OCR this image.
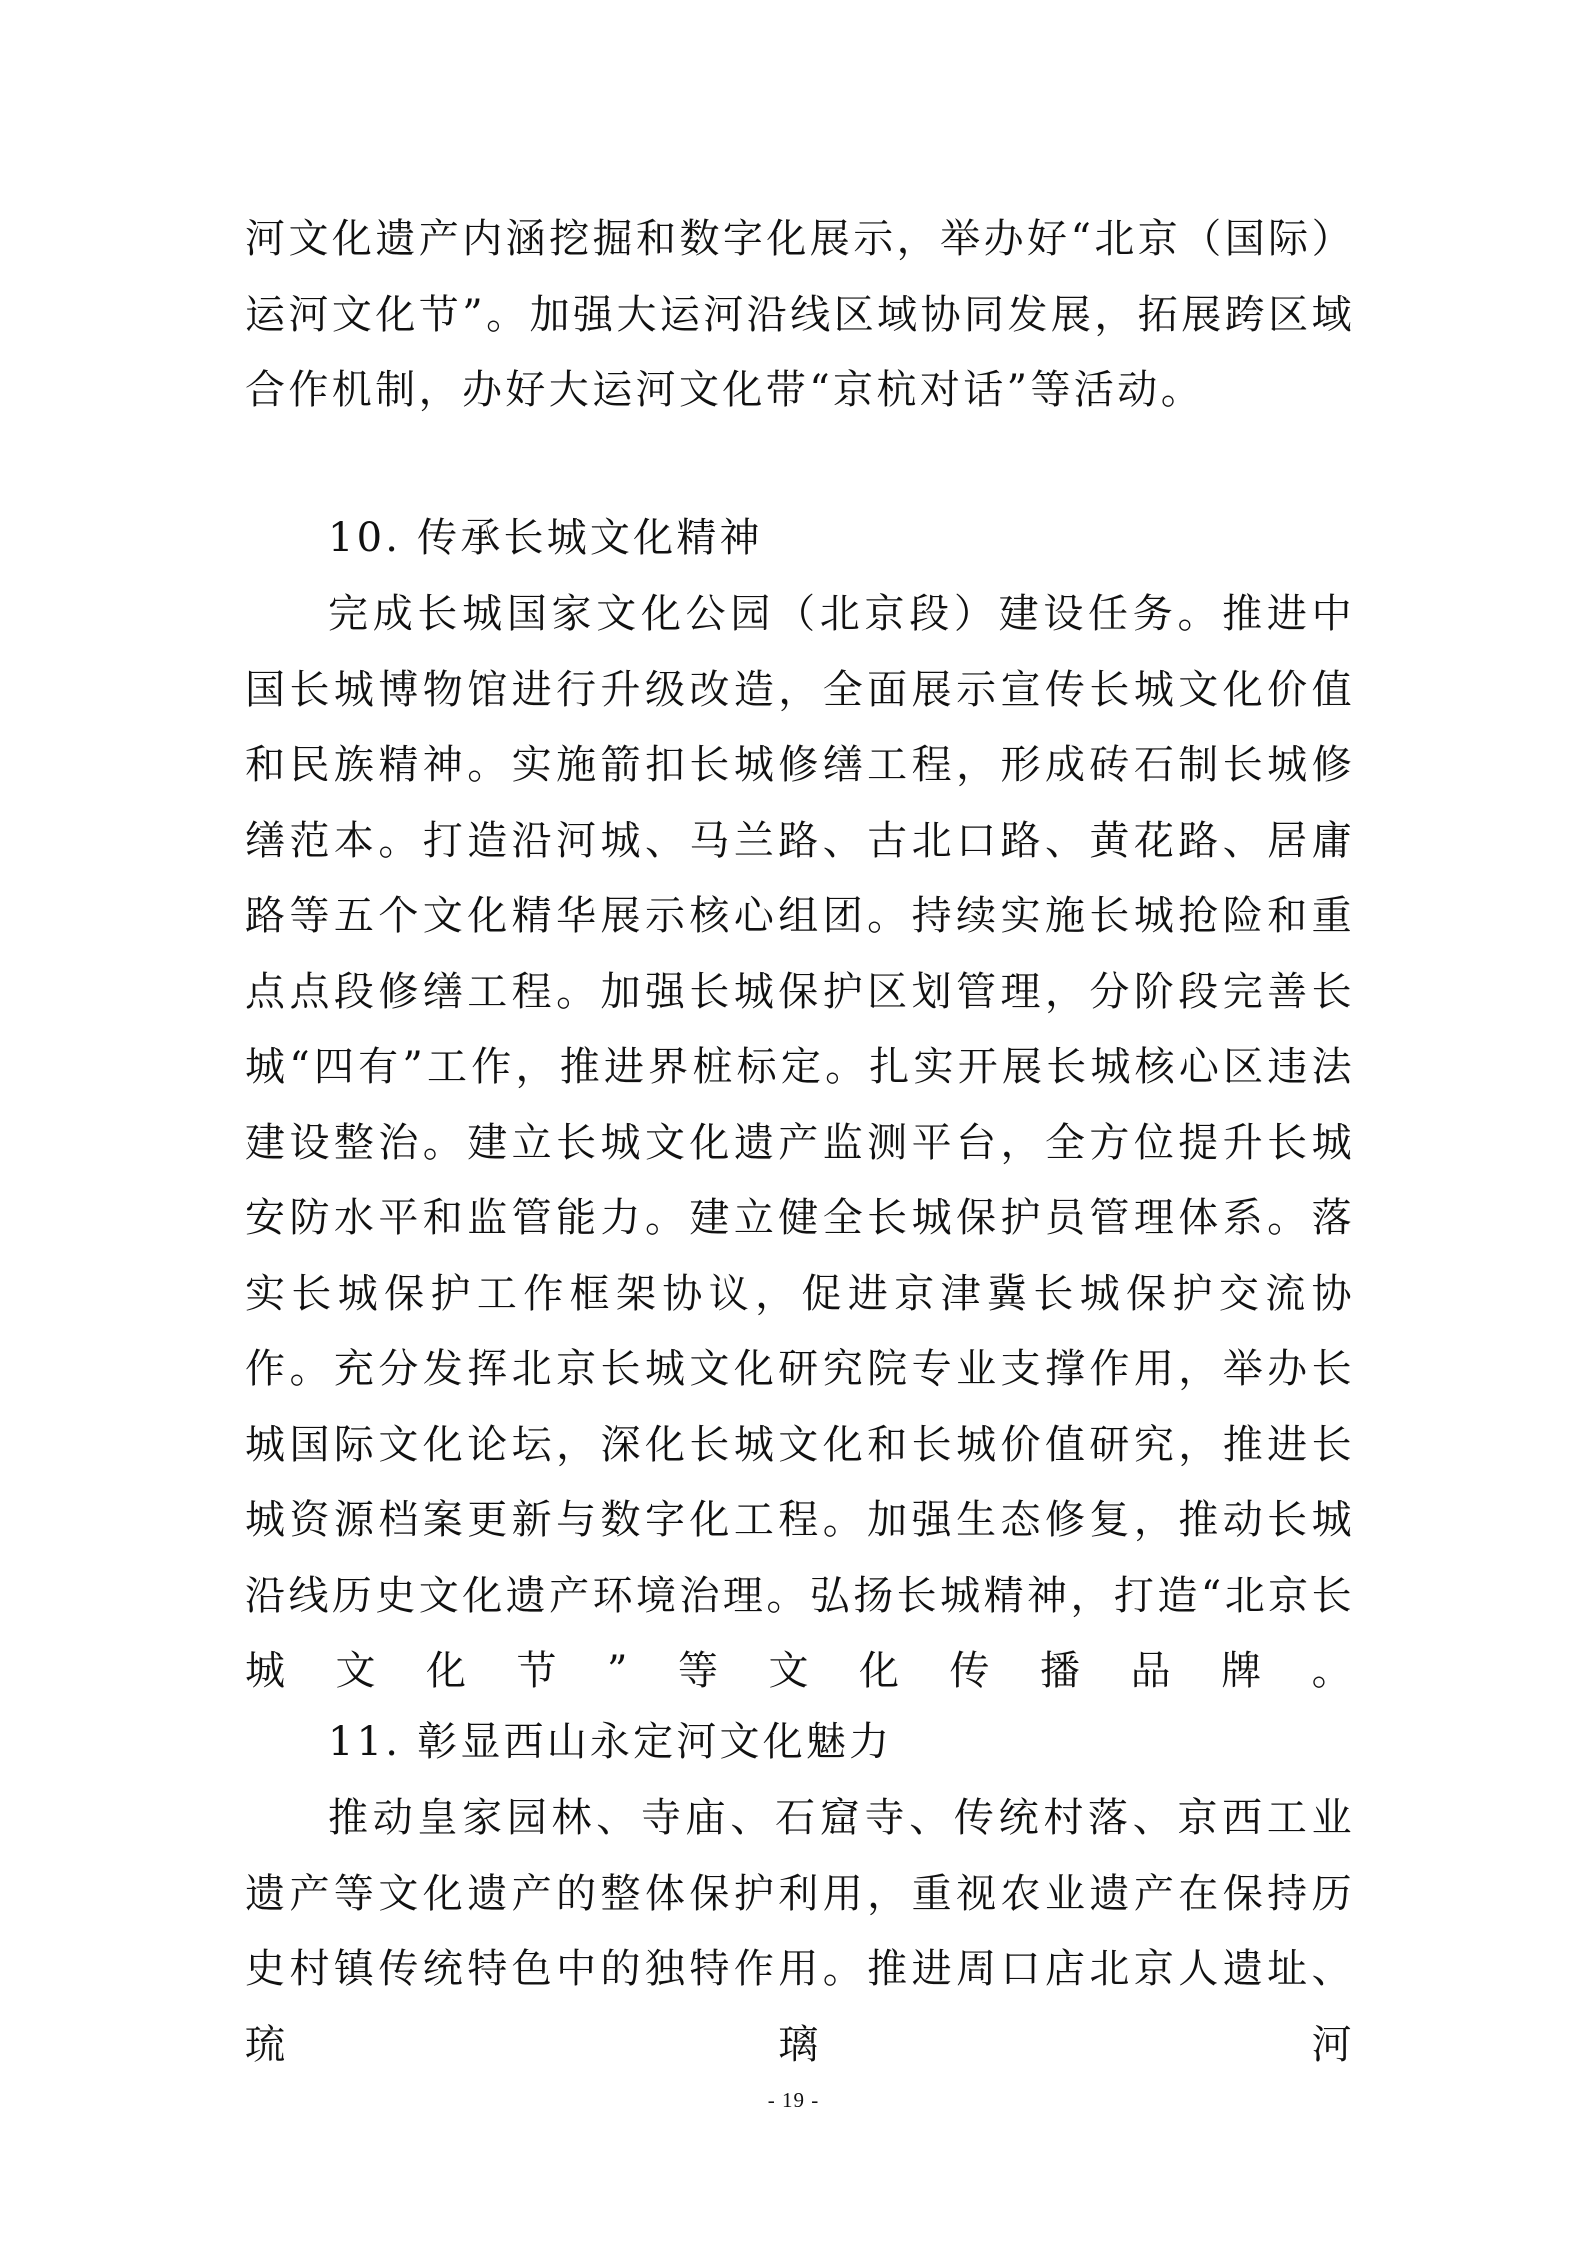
河文化遗产内涵挖掘和数字化展示，举办好“北京（国际）运河文化节”。加强大运河沿线区域协同发展，拓展跨区域合作机制，办好大运河文化带“京杭对话”等活动。

10. 传承长城文化精神

完成长城国家文化公园（北京段）建设任务。推进中国长城博物馆进行升级改造，全面展示宣传长城文化价值和民族精神。实施箭扣长城修缮工程，形成砖石制长城修缮范本。打造沿河城、马兰路、古北口路、黄花路、居庸路等五个文化精华展示核心组团。持续实施长城抢险和重点点段修缮工程。加强长城保护区划管理，分阶段完善长城“四有”工作，推进界桩标定。扎实开展长城核心区违法建设整治。建立长城文化遗产监测平台，全方位提升长城安防水平和监管能力。建立健全长城保护员管理体系。落实长城保护工作框架协议，促进京津冀长城保护交流协作。充分发挥北京长城文化研究院专业支撑作用，举办长城国际文化论坛，深化长城文化和长城价值研究，推进长城资源档案更新与数字化工程。加强生态修复，推动长城沿线历史文化遗产环境治理。弘扬长城精神，打造“北京长城文化节”等文化传播品牌。

11. 彰显西山永定河文化魅力

推动皇家园林、寺庙、石窟寺、传统村落、京西工业遗产等文化遗产的整体保护利用，重视农业遗产在保持历史村镇传统特色中的独特作用。推进周口店北京人遗址、琉璃河

- 19 -
